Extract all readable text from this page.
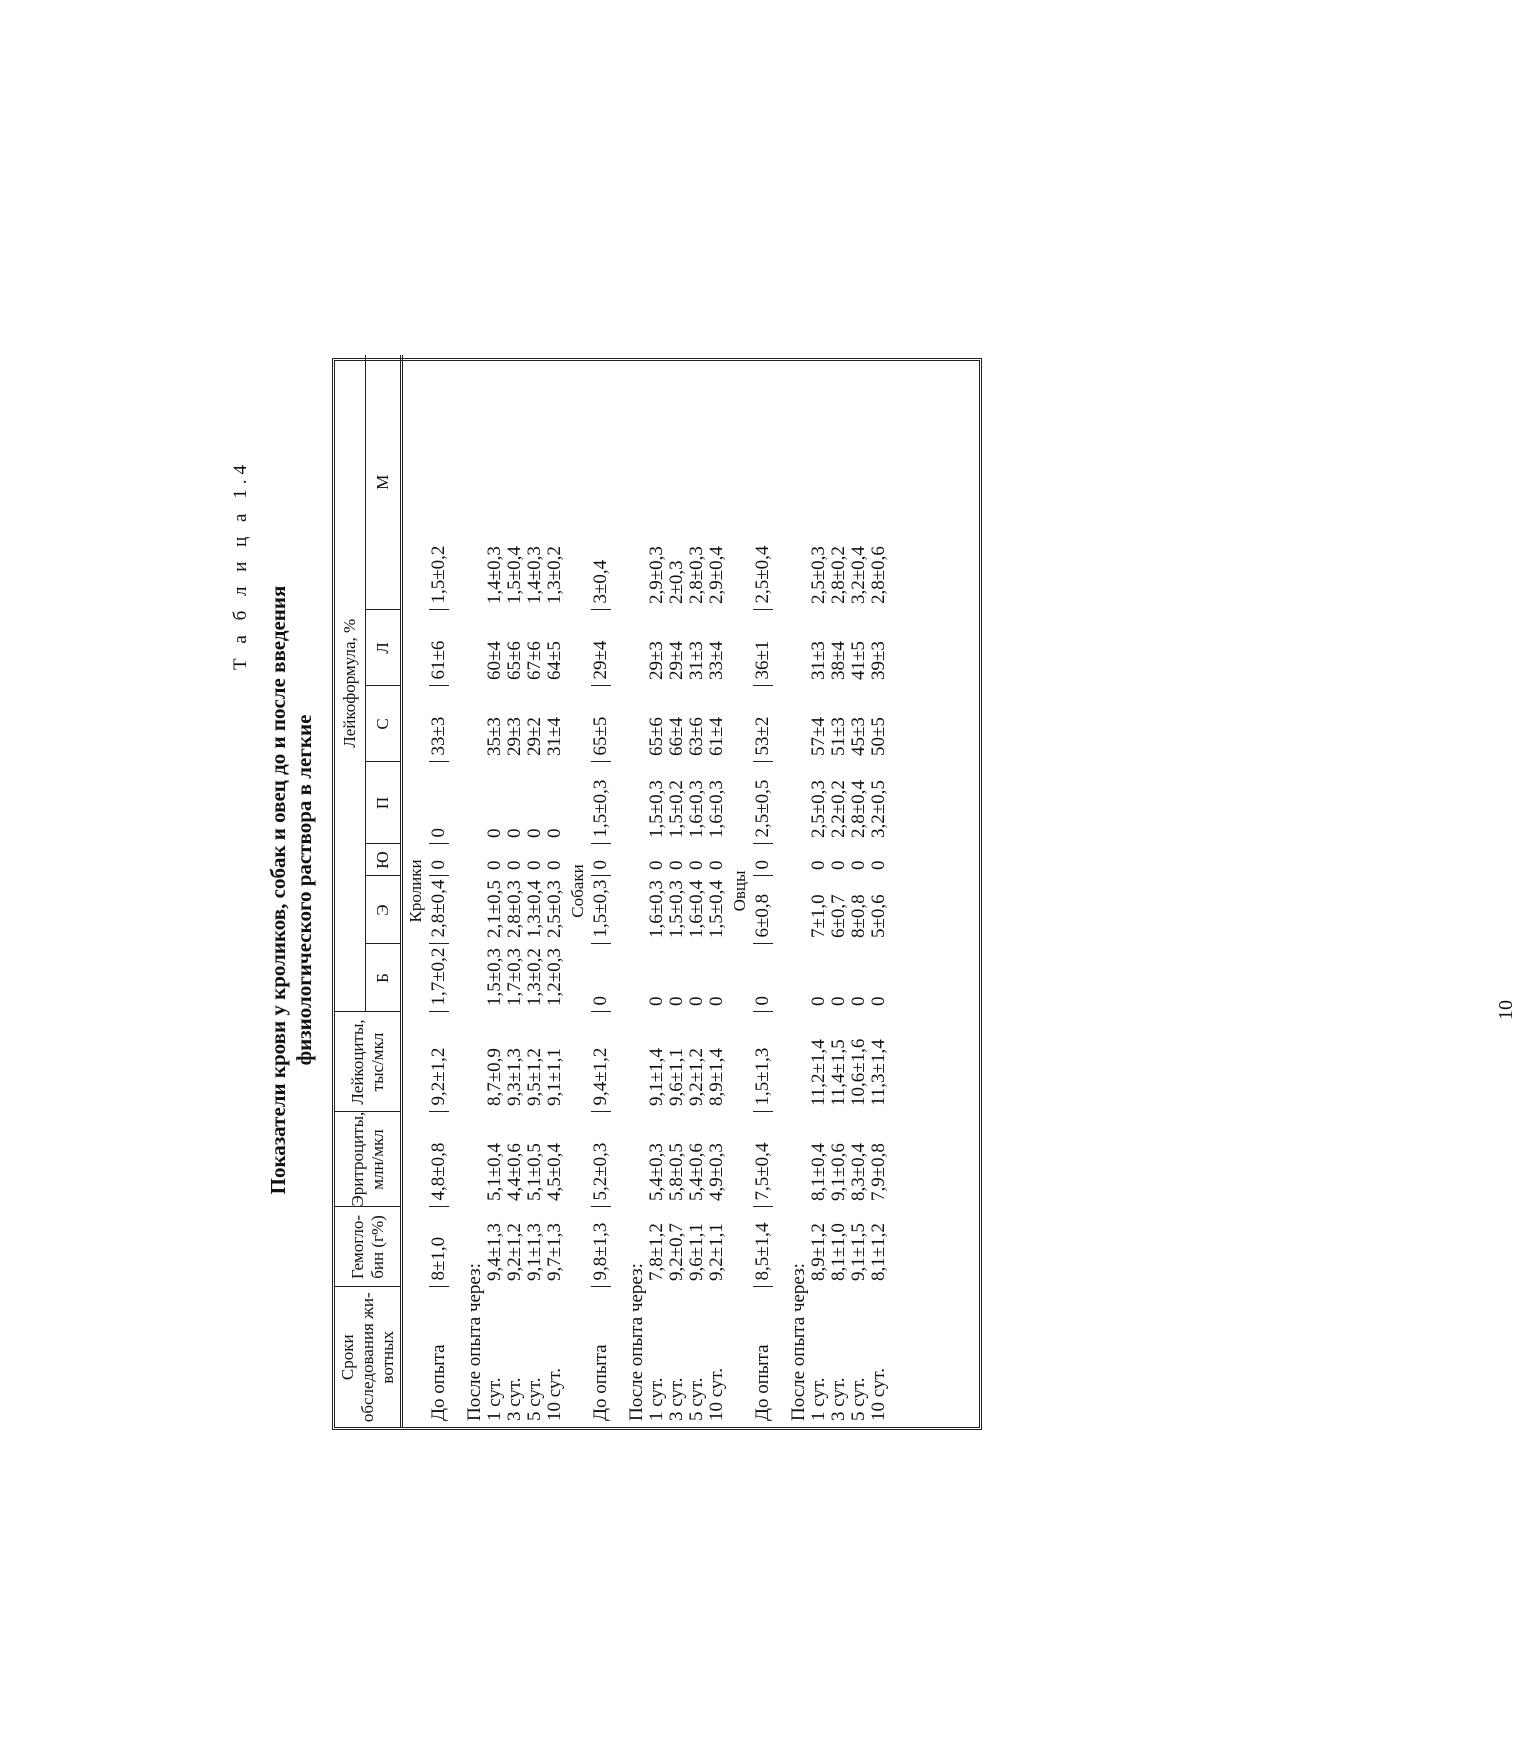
Т а б л и ц а 1.4
Показатели крови у кроликов, собак и овец до и после введения физиологического раствора в легкие
Сроки обследования жи-вотных	Гемогло-бин (г%)	Эритроциты, млн/мкл	Лейкоциты, тыс/мкл	Лейкоформула, %						
				Б	Э	Ю	П	С	Л	М
Кролики										
До опыта	8±1,0	4,8±0,8	9,2±1,2	1,7±0,2	2,8±0,4	0	0	33±3	61±6	1,5±0,2

После опыта через:										
1 сут.	9,4±1,3	5,1±0,4	8,7±0,9	1,5±0,3	2,1±0,5	0	0	35±3	60±4	1,4±0,3
3 сут.	9,2±1,2	4,4±0,6	9,3±1,3	1,7±0,3	2,8±0,3	0	0	29±3	65±6	1,5±0,4
5 сут.	9,1±1,3	5,1±0,5	9,5±1,2	1,3±0,2	1,3±0,4	0	0	29±2	67±6	1,4±0,3
10 сут.	9,7±1,3	4,5±0,4	9,1±1,1	1,2±0,3	2,5±0,3	0	0	31±4	64±5	1,3±0,2
Собаки										
До опыта	9,8±1,3	5,2±0,3	9,4±1,2	0	1,5±0,3	0	1,5±0,3	65±5	29±4	3±0,4

После опыта через:										
1 сут.	7,8±1,2	5,4±0,3	9,1±1,4	0	1,6±0,3	0	1,5±0,3	65±6	29±3	2,9±0,3
3 сут.	9,2±0,7	5,8±0,5	9,6±1,1	0	1,5±0,3	0	1,5±0,2	66±4	29±4	2±0,3
5 сут.	9,6±1,1	5,4±0,6	9,2±1,2	0	1,6±0,4	0	1,6±0,3	63±6	31±3	2,8±0,3
10 сут.	9,2±1,1	4,9±0,3	8,9±1,4	0	1,5±0,4	0	1,6±0,3	61±4	33±4	2,9±0,4
Овцы										
До опыта	8,5±1,4	7,5±0,4	1,5±1,3	0	6±0,8	0	2,5±0,5	53±2	36±1	2,5±0,4

После опыта через:										
1 сут.	8,9±1,2	8,1±0,4	11,2±1,4	0	7±1,0	0	2,5±0,3	57±4	31±3	2,5±0,3
3 сут.	8,1±1,0	9,1±0,6	11,4±1,5	0	6±0,7	0	2,2±0,2	51±3	38±4	2,8±0,2
5 сут.	9,1±1,5	8,3±0,4	10,6±1,6	0	8±0,8	0	2,8±0,4	45±3	41±5	3,2±0,4
10 сут.	8,1±1,2	7,9±0,8	11,3±1,4	0	5±0,6	0	3,2±0,5	50±5	39±3	2,8±0,6
10
